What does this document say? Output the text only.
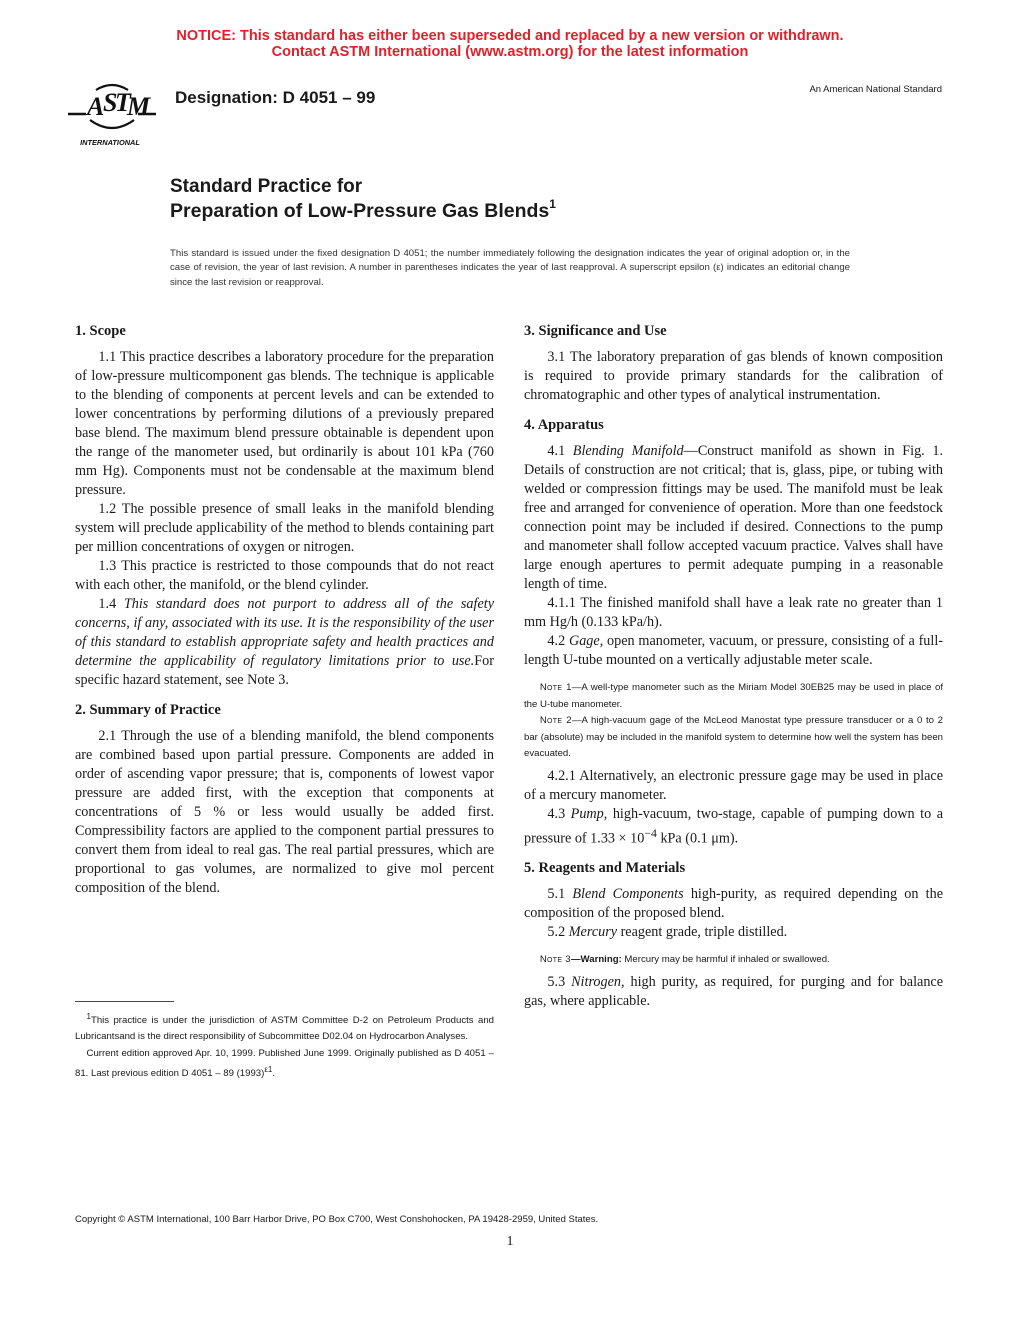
NOTICE: This standard has either been superseded and replaced by a new version or withdrawn.
Contact ASTM International (www.astm.org) for the latest information
A
S
T
M
INTERNATIONAL
Designation: D 4051 – 99	An American National Standard
Standard Practice for
Preparation of Low-Pressure Gas Blends$^1$
This standard is issued under the fixed designation D 4051; the number immediately following the designation indicates the year of original adoption or, in the case of revision, the year of last revision. A number in parentheses indicates the year of last reapproval. A superscript epsilon (ε) indicates an editorial change since the last revision or reapproval.
1. Scope

1.1 This practice describes a laboratory procedure for the preparation of low-pressure multicomponent gas blends. The technique is applicable to the blending of components at percent levels and can be extended to lower concentrations by performing dilutions of a previously prepared base blend. The maximum blend pressure obtainable is dependent upon the range of the manometer used, but ordinarily is about 101 kPa (760 mm Hg). Components must not be condensable at the maximum blend pressure.

1.2 The possible presence of small leaks in the manifold blending system will preclude applicability of the method to blends containing part per million concentrations of oxygen or nitrogen.

1.3 This practice is restricted to those compounds that do not react with each other, the manifold, or the blend cylinder.

1.4 This standard does not purport to address all of the safety concerns, if any, associated with its use. It is the responsibility of the user of this standard to establish appropriate safety and health practices and determine the applicability of regulatory limitations prior to use.For specific hazard statement, see Note 3.

2. Summary of Practice

2.1 Through the use of a blending manifold, the blend components are combined based upon partial pressure. Components are added in order of ascending vapor pressure; that is, components of lowest vapor pressure are added first, with the exception that components at concentrations of 5 % or less would usually be added first. Compressibility factors are applied to the component partial pressures to convert them from ideal to real gas. The real partial pressures, which are proportional to gas volumes, are normalized to give mol percent composition of the blend.

$^1$This practice is under the jurisdiction of ASTM Committee D-2 on Petroleum Products and Lubricantsand is the direct responsibility of Subcommittee D02.04 on Hydrocarbon Analyses.

Current edition approved Apr. 10, 1999. Published June 1999. Originally published as D 4051 – 81. Last previous edition D 4051 – 89 $(1993)^{\varepsilon 1}$.

3. Significance and Use

3.1 The laboratory preparation of gas blends of known composition is required to provide primary standards for the calibration of chromatographic and other types of analytical instrumentation.

4. Apparatus

4.1 Blending Manifold—Construct manifold as shown in Fig. 1. Details of construction are not critical; that is, glass, pipe, or tubing with welded or compression fittings may be used. The manifold must be leak free and arranged for convenience of operation. More than one feedstock connection point may be included if desired. Connections to the pump and manometer shall follow accepted vacuum practice. Valves shall have large enough apertures to permit adequate pumping in a reasonable length of time.

4.1.1 The finished manifold shall have a leak rate no greater than 1 mm Hg/h (0.133 kPa/h).

4.2 Gage, open manometer, vacuum, or pressure, consisting of a full-length U-tube mounted on a vertically adjustable meter scale.

Note 1—A well-type manometer such as the Miriam Model 30EB25 may be used in place of the U-tube manometer.

Note 2—A high-vacuum gage of the McLeod Manostat type pressure transducer or a 0 to 2 bar (absolute) may be included in the manifold system to determine how well the system has been evacuated.

4.2.1 Alternatively, an electronic pressure gage may be used in place of a mercury manometer.

4.3 Pump, high-vacuum, two-stage, capable of pumping down to a pressure of $1.33 \times 10^{-4}$ kPa (0.1 μm).

5. Reagents and Materials

5.1 Blend Components high-purity, as required depending on the composition of the proposed blend.

5.2 Mercury reagent grade, triple distilled.

Note 3—Warning: Mercury may be harmful if inhaled or swallowed.

5.3 Nitrogen, high purity, as required, for purging and for balance gas, where applicable.

Copyright © ASTM International, 100 Barr Harbor Drive, PO Box C700, West Conshohocken, PA 19428-2959, United States.
1
